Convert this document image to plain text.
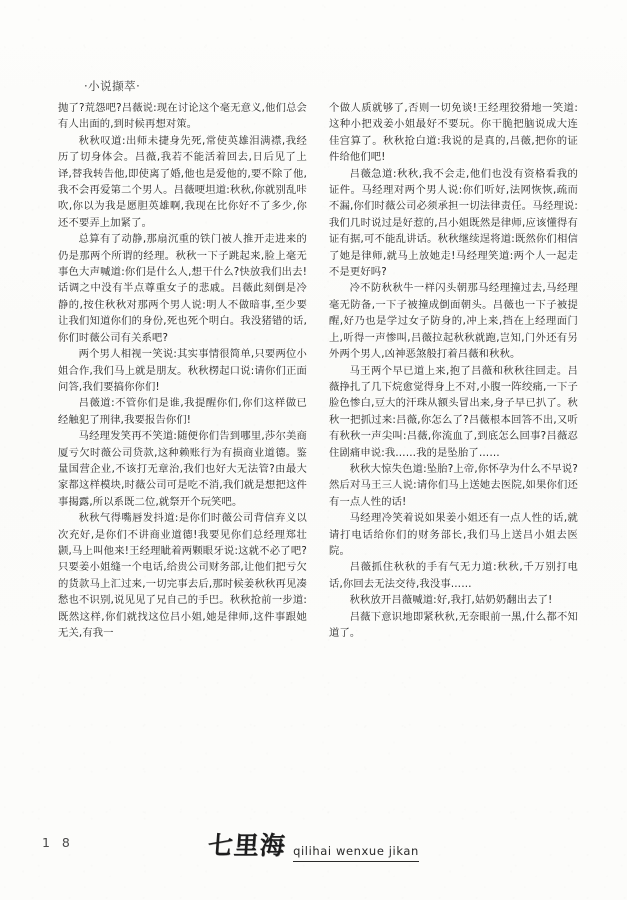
·小说撷萃·

抛了?荒怨吧?吕薇说:现在讨论这个毫无意义,他们总会有人出面的,到时候再想对策。

秋秋叹道:出师未捷身先死,常使英雄泪满襟,我经历了切身体会。吕薇,我若不能活着回去,日后见了上译,替我转告他,即使离了婚,他也是爱他的,要不除了他,我不会再爱第二个男人。吕薇哽坦道:秋秋,你就别乱咔吹,你以为我是愿胆英雄啊,我现在比你好不了多少,你还不要弄上加紧了。

总算有了动静,那扇沉重的铁门被人推开走进来的仍是那两个所谓的经理。秋秋一下子跳起来,脸上毫无事色大声喊道:你们是什么人,想干什么?快放我们出去!话调之中没有半点尊重女子的悲戚。吕薇此刻倒是冷静的,按住秋秋对那两个男人说:明人不做暗事,至少要让我们知道你们的身份,死也死个明白。我没猪错的话,你们时薇公司有关系吧?

两个男人相视一笑说:其实事情很简单,只要两位小姐合作,我们马上就是朋友。秋秋楞起口说:请你们正面问答,我们要搞你你们!

吕薇道:不管你们是谁,我提醒你们,你们这样做已经触犯了刑律,我要报告你们!

马经理发笑再不笑道:随便你们告到哪里,莎尔美商厦亏欠时薇公司贷款,这种赖账行为有损商业道德。鉴量国营企业,不该打无章治,我们也好大无法管?由最大家都这样模块,时薇公司可是吃不消,我们就是想把这件事揭露,所以系既二位,就祭开个玩笑吧。

秋秋气得嘴唇发抖道:是你们时薇公司背信弃义以次充好,是你们不讲商业道德!我要见你们总经理郑壮颢,马上叫他来!王经理眦着两颗眼牙说:这就不必了吧?只要姜小姐缝一个电话,给贵公司财务部,让他们把亏欠的货款马上汇过来,一切完事去后,那时候姜秋秋再见凑愁也不识别,说见见了兄自己的手巴。秋秋抢前一步道:既然这样,你们就找这位吕小姐,她是律师,这件事跟她无关,有我一

个做人质就够了,否则一切免谈!王经理狡猾地一笑道:这种小把戏姜小姐最好不要玩。你干脆把脑说成大连佳宫算了。秋秋抢白道:我说的是真的,吕薇,把你的证件给他们吧!

吕薇急道:秋秋,我不会走,他们也没有资格看我的证件。马经理对两个男人说:你们听好,法网恢恢,疏而不漏,你们时薇公司必须承担一切法律责任。马经理说:我们几时说过是好惹的,吕小姐既然是律师,应该懂得有证有据,可不能乱讲话。秋秋继续逞将道:既然你们相信了她是律师,就马上放她走!马经理笑道:两个人一起走不是更好吗?

冷不防秋秋牛一样闪头朝那马经理撞过去,马经理毫无防备,一下子被撞成倒面朝头。吕薇也一下子被提醒,好乃也是学过女子防身的,冲上来,挡在上经理面门上,听得一声惨叫,吕薇拉起秋秋就跑,岂知,门外还有另外两个男人,凶神恶煞般打着吕薇和秋秋。

马王两个早已道上来,抱了吕薇和秋秋往回走。吕薇挣扎了几下烷愈觉得身上不对,小腹一阵绞痛,一下子脸色惨白,豆大的汗珠从额头冒出来,身子早已扒了。秋秋一把抓过来:吕薇,你怎么了?吕薇根本回答不出,又听有秋秋一声尖叫:吕薇,你流血了,到底怎么回事?吕薇忍住剧痛申说:我……我的是坠胎了……

秋秋大惊失色道:坠胎?上帝,你怀孕为什么不早说?然后对马王三人说:请你们马上送她去医院,如果你们还有一点人性的话!

马经理冷笑着说如果姜小姐还有一点人性的话,就请打电话给你们的财务部长,我们马上送吕小姐去医院。

吕薇抓住秋秋的手有气无力道:秋秋,千万别打电话,你回去无法交待,我没事……

秋秋放开吕薇喊道:好,我打,姑奶奶翻出去了!

吕薇下意识地即紧秋秋,无奈眼前一黑,什么都不知道了。

1 8	七里海 qilihai wenxue jikan
